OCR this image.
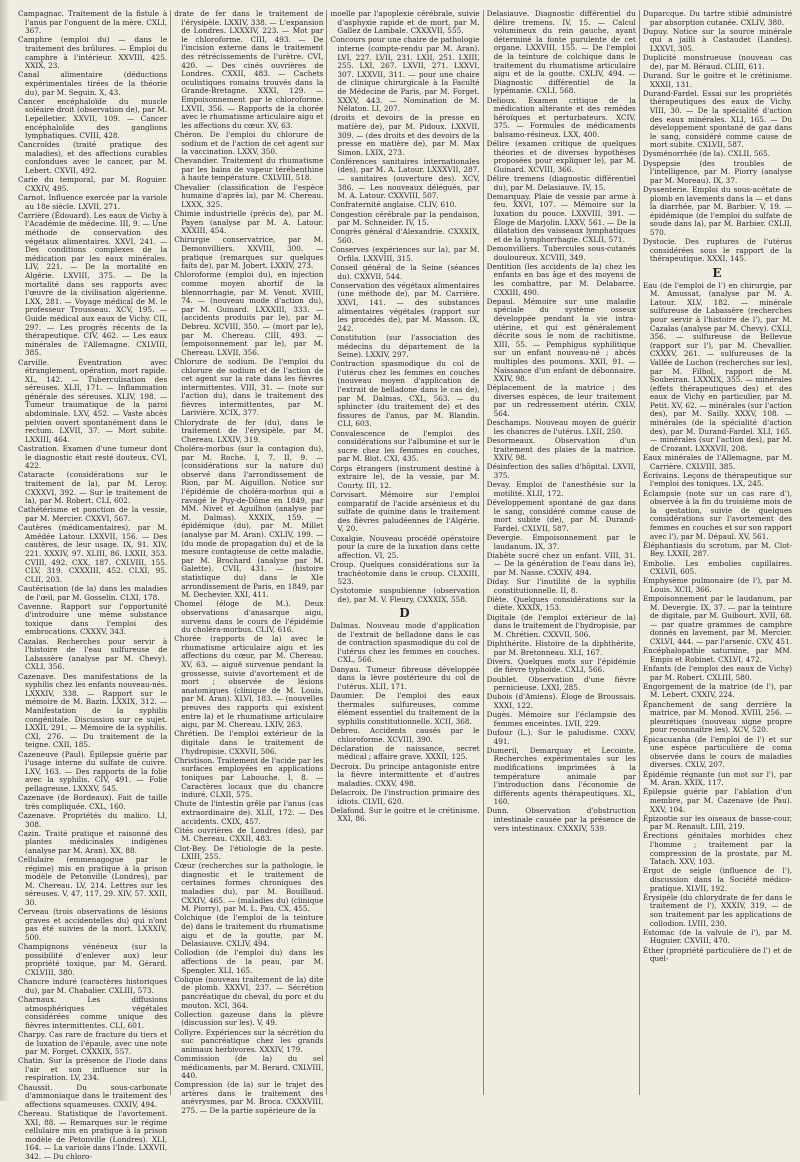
Campagnac. Traitement de la fistule à l'anus par l'onguent de la mère. CXLI, 367.

Camphre (emploi du) — dans le traitement des brûlures. — Emploi du camphre à l'intérieur. XXVIII, 425. XXIX, 23.

Canal alimentaire (déductions expérimentales tirées de la théorie du), par M. Seguin. X, 43.

Cancer encéphaloïde du muscle soléaire droit (observation de), par M. Lepelletier. XXVII, 109. — Cancer encéphaloïde des ganglions lymphatiques. CVIII, 428.

Cancroïdes (traité pratique des maladies), et des affections curables confondues avec le cancer, par M. Lebert. CXVII, 492.

Carie du temporal, par M. Roguier. CXXIV, 495.

Carnot. Influence exercée par la variole au 18e siècle. LXVII, 271.

Carrière (Édouard). Les eaux de Vichy à l'Académie de médecine. III, 9. — Une méthode de conservation des végétaux alimentaires. XXVI, 241. — Des conditions complexes de la médication par les eaux minérales. LIV, 221. — De la mortalité en Algérie. LXVIII, 375. — De la mortalité dans ses rapports avec l'œuvre de la civilisation algérienne. LXX, 281. — Voyage médical de M. le professeur Trousseau. XCV, 195. — Guide médical aux eaux de Vichy. CII, 297. — Les progrès récents de la thérapeutique. CIV, 462. — Les eaux minérales de l'Allemagne. CXLVIII, 385.

Carville. Éventration avec étranglement, opération, mort rapide. XL, 142. — Tuberculisation des séreuses. XLII, 171. — Inflammation générale des séreuses. XLIV, 198. — Tumeur traumatique de la paroi abdominale. LXV, 452. — Vaste abcès pelvien ouvert spontanément dans le rectum. LXVII, 37. — Mort subite. LXXIII, 464.

Castration. Examen d'une tumeur dont le diagnostic était resté douteux. CVI, 422.

Cataracte (considérations sur le traitement de la), par M. Leroy. CXXXVI, 392. — Sur le traitement de la), par M. Robert. CLI, 602.

Cathétérisme et ponction de la vessie, par M. Mercier. CXXVI, 567.

Cautères (médicamentaires), par M. Amédée Latour. LXXVII, 156. — Des cautères, de leur usage. IX, 91. XIV, 221. XXXIV, 97. XLIII, 86. LXXII, 353. CVIII, 492. CXX, 187. CXLVIII, 155. CLV, 319. CXXXIII, 452. CLXI, 95. CLII, 203.

Cautérisation (de la) dans les maladies de l'œil, par M. Gosselin. CLXI, 178.

Cavenne. Rapport sur l'opportunité d'introduire une même substance toxique dans l'emploi des embrocations. CXXXV, 343.

Cazalas. Recherches pour servir à l'histoire de l'eau sulfureuse de Labassère (analyse par M. Chevy). CXLI, 356.

Cazenave. Des manifestations de la syphilis chez les enfants nouveau-nés. LXXXIV, 338. — Rapport sur le mémoire de M. Bazin. LXXIX, 312. — Manifestation de la syphilis congénitale. Discussion sur ce sujet. LXXII, 291. — Mémoire de la syphilis. CXI, 276. — Du traitement de la teigne. CXII, 185.

Cazeneuve (Paul). Épilepsie guérie par l'usage interne du sulfate de cuivre. LXV, 163. — Des rapports de la folie avec la syphilis. CIV, 491. — Folie pellagreuse. LXXXV, 545.

Cazenave (de Bordeaux). Fait de taille très compliquée. CXL, 160.

Cazenave. Propriétés du malico. LI, 308.

Cazin. Traité pratique et raisonné des plantes médicinales indigènes (analyse par M. Aran). XX, 88.

Cellulaire (emmenagogue par le régime) mis en pratique à la prison modèle de Petonville (Londres), par M. Chereau. LV, 214. Lettres sur les séreuses. V, 47, 117, 29. XIV, 57. XXII, 30.

Cerveau (trois observations de lésions graves et accidentelles du) qui n'ont pas été suivies de la mort. LXXXIV, 500.

Champignons vénéneux (sur la possibilité d'enlever aux) leur propriété toxique, par M. Gérard. CXLVIII, 380.

Chancre induré (caractères historiques du), par M. Chabalier. CXLIII, 573.

Charnaux. Les diffusions atmosphériques végétales considérées comme unique des fièvres intermittentes. CLI, 601.

Charpy. Cas rare de fracture du tiers et de luxation de l'épaule, avec une note par M. Forget. CXXXIX, 557.

Chatin. Sur la présence de l'iode dans l'air et son influence sur la respiration. LV, 234.

Chaussit. Du sous-carbonate d'ammoniaque dans le traitement des affections squameuses. CXXIV, 494.

Chereau. Statistique de l'avortement. XXI, 88. — Remarques sur le régime cellulaire mis en pratique à la prison modèle de Petonville (Londres). XLI, 164. — La variole dans l'Inde. LXXVII, 342. — Du chloro-

drate de fer dans le traitement de l'érysipèle. LXXIV, 338. — L'expansion de Londres. LXXXIV, 223. — Mot par le chloroforme. CIII, 493. — De l'incision externe dans le traitement des rétrécissements de l'urètre. CVI, 420. — Des cinés ouvrières de Londres. CXXII, 483. — Cachets oculistiques romains trouvés dans la Grande-Bretagne. XXXI, 129. — Empoisonnement par le chloroforme. LXVII, 356. — Rapports de la chorée avec le rhumatisme articulaire aigu et les affections du cœur. XV, 63.

Chéron. De l'emploi du chlorure de sodium et de l'action de cet agent sur la vaccination. LXXV, 350.

Chevandier. Traitement du rhumatisme par les bains de vapeur térébenthine à haute température. CXLVIII, 518.

Chevalier (classification de l'espèce humaine d'après la), par M. Chereau. LXXX, 325.

Chimie industrielle (précis de), par M. Payen (analyse par M. A. Latour. XXXIII, 454.

Chirurgie conservatrice, par M. Demonvilliers. XXVIII, 300. — pratique (remarques sur quelques faits de), par M. Jobert. LXXIV, 273.

Chloroforme (emploi du), en injection comme moyen abortif de la blennorrhagie, par M. Venot. XVIII, 74. — (nouveau mode d'action du), par M. Guinard. LXXXIII, 333. — (accidents produits par le), par M. Debreu. XCVIII, 350. — (mort par le), par M. Chereau. CIII, 493. — (empoisonnement par le), par M. Chereau. LXVII, 356.

Chlorure de sodium. De l'emploi du chlorure de sodium et de l'action de cet agent sur la rate dans les fièvres intermittentes. VIII, 31. — (note sur l'action du), dans le traitement des fièvres intermittentes, par M. Larivière. XCIX, 377.

Chlorydrate de fer (du), dans le traitement de l'érysipèle, par M. Chereau. LXXIV, 319.

Choléra-morbus (sur la contagion du), par M. Roche. I, 7. II, 9. — (considérations sur la nature du) observé dans l'arrondissement de Rion, par M. Aiguillon. Notice sur l'épidémie de choléra-morbus qui a ravagé le Puy-de-Dôme en 1849, par MM. Nivet et Aguilhon (analyse par M. Dalmas). XXXIX, 159. — épidémique (du), par M. Millet (analyse par M. Aran). CXLIV, 199. — (du mode de propagation du) et de la mesure contagieuse de cette maladie, par M. Brochard (analyse par M. Galette). CVII, 431. — (histoire statistique du) dans le XIe arrondissement de Paris, en 1849, par M. Dechevier. XXI, 411.

Chomel (éloge de M.). Deux observations d'anasarque aigu, survenu dans le cours de l'épidémie du choléra-morbus. CLIV, 616.

Chorée (rapports de la) avec le rhumatisme articulaire aigu et les affections du cœur, par M. Chereau. XV, 63. — aiguë survenue pendant la grossesse, suivie d'avortement et de mort ; observée de lésions anatomiques (clinique de M. Louis, par M. Aran). XLVI, 183. — (nouvelles preuves des rapports qui existent entre la) et le rhumatisme articulaire aigu, par M. Chereau. LXIV, 263.

Chrétien. De l'emploi extérieur de la digitale dans le traitement de l'hydropisie. CXXVII, 506.

Christison. Traitement de l'acide par les surfaces employées en applications toniques par Labouche. I, 8. — Caractères locaux que du chancre induré. CLXII, 575.

Chute de l'intestin grêle par l'anus (cas extraordinaire de). XLII, 172. — Des accidents. CXIX, 457.

Cités ouvrières de Londres (des), par M. Chereau. CXXII, 483.

Clot-Bey. De l'étiologie de la peste. LXIII, 255.

Cœur (recherches sur la pathologie, le diagnostic et le traitement de certaines formes chroniques des maladies du), par M. Bouillaud. CXXIV, 465. — (maladies du) (clinique M. Piorry), par M. L. Pau. CX, 455.

Colchique (de l'emploi de la teinture de) dans le traitement du rhumatisme aigu et de la goutte, par M. Delasiauve. CXLIV, 494.

Collodion (de l'emploi du) dans les affections de la peau, par M. Spengler. XLI, 165.

Colique (nouveau traitement de la) dite de plomb. XXXVI, 237. — Sécrétion pancréatique du cheval, du porc et du mouton. XCI, 364.

Collection gazeuse dans la plèvre (discussion sur les). V, 49.

Collyre. Expériences sur la sécrétion du suc pancréatique chez les grands animaux herbivores. XXXIV, 179.

Commission (de la) du sel médicaments, par M. Berard. CXLVIII, 440.

Compression (de la) sur le trajet des artères dans le traitement des anévrysmes, par M. Broca. CXXXVIII, 275. — De la partie supérieure de la

moelle par l'apoplexie cérébrale, suivie d'asphyxie rapide et de mort, par M. Gallez de Lambale. CXXXVII, 555.

Concours pour une chaire de pathologie interne (compte-rendu par M. Aran). LVI, 227. LVII, 231. LXII, 251. LXIII, 255. LXI, 267. LXVII, 271. LXXVI, 307. LXXVII, 311. — pour une chaire de clinique chirurgicale à la Faculté de Médecine de Paris, par M. Forget. XXXV, 443. — Nomination de M. Nélaton. LI, 207.

(droits et devoirs de la presse en matière de), par M. Pidoux. LXXVII, 309. — (des droits et des devoirs de la presse en matière de), par M. Max Simon. LXIX, 273.

Conférences sanitaires internationales (des), par M. A. Latour. LXXXVII, 287. — sanitaires (ouverture des). XCV, 386. — Les nouveaux délégués, par M. A. Latour. CXXVIII, 507.

Confraternité anglaise. CLIV, 610.

Congestion cérébrale par la pendaison, par M. Schneider. IV, 15.

Congrès général d'Alexandrie. CXXXIX, 560.

Conserves (expériences sur la), par M. Orfila. LXXVIII, 315.

Conseil général de la Seine (séances du). CXXVII, 544.

Conservation des végétaux alimentaires (une méthode de), par M. Carrière. XXVI, 141. — des substances alimentaires végétales (rapport sur les procédés de), par M. Masson. IX, 242.

Constitution (sur l'association des médecins du département de la Seine). LXXIV, 297.

Contraction spasmodique du col de l'utérus chez les femmes en couches (nouveau moyen d'application de l'extrait de belladone dans le cas de), par M. Dalmas. CXL, 563. — du sphincter (du traitement de) et des fissures de l'anus, par M. Blandin. CLI, 603.

Convalescence de l'emploi des considérations sur l'albumine et sur le sucre chez les femmes en couches, par M. Blot. CXI, 435.

Corps étrangers (instrument destiné à extraire le), de la vessie, par M. Courty. III, 12.

Corvisart. Mémoire sur l'emploi comparatif de l'acide arsénieux et du sulfate de quinine dans le traitement des fièvres paludéennes de l'Algérie. V, 20.

Coxalgie. Nouveau procédé opératoire pour la cure de la luxation dans cette affection. VI, 25.

Croup. Quelques considérations sur la trachéotomie dans le croup. CLXXIII, 523.

Cystotomie suspubienne (observation de), par M. V. Fleury. CXXXIX, 558.

D

Dalmas. Nouveau mode d'application de l'extrait de belladone dans le cas de contraction spasmodique du col de l'utérus chez les femmes en couches. CXL, 566.

Danyau. Tumeur fibreuse développée dans la lèvre postérieure du col de l'utérus. XLII, 171.

Daumier. De l'emploi des eaux thermales sulfureuses, comme élément essentiel du traitement de la syphilis constitutionnelle. XCII, 368.

Debreu. Accidents causés par le chloroforme. XCVIII, 390.

Déclaration de naissance, secret médical ; affaire grave. XXXII, 125.

Decroix. Du principe antagoniste entre la fièvre intermittente et d'autres maladies. CXXV, 498.

Delacroix. De l'instruction primaire des idiots. CLVII, 620.

Delafond. Sur le goitre et le crétinisme. XXI, 86.

Delasiauve. Diagnostic différentiel du délire tremens. IV, 15. — Calcul volumineux du rein gauche, ayant déterminé la fonte purulente de cet organe. LXXVIII, 155. — De l'emploi de la teinture de colchique dans le traitement du rhumatisme articulaire aigu et de la goutte. CXLIV, 494. — Diagnostic différentiel de la lypémanie. CXLI, 568.

Delioux. Examen critique de la médication altérante et des remèdes héroïques et perturbateurs. XCIV, 375. — Formules de médicaments balsamo-résineux. LXX, 400.

Délire (examen critique de quelques théories et de diverses hypothèses proposées pour expliquer le), par M. Guinard. XCVIII, 366.

Délire tremens (diagnostic différentiel du), par M. Delasiauve. IV, 15.

Demarquay. Plaie de vessie par arme à feu. XXVI, 107. — Mémoire sur la luxation du pouce. LXXVIII, 391. — Éloge de Marjolin. LXXV, 561. — De la dilatation des vaisseaux lymphatiques et de la lymphorrhagie. CXLII, 571.

Demonvilliers. Tubercules sous-cutanés douloureux. XCVIII, 349.

Dentition (les accidents de la) chez les enfants en bas âge et des moyens de les combattre, par M. Delabarre. CXXIII, 490.

Depaul. Mémoire sur une maladie spéciale du système osseux développée pendant la vie intra-utérine, et qui est généralement décrite sous le nom de rachitisme. XIII, 55. — Pemphigus syphilitique sur un enfant nouveau-né ; abcès multiples des poumons. XXII, 91. — Naissance d'un enfant de débonnaire. XXIV, 98.

Déplacement de la matrice ; des diverses espèces, de leur traitement par un redressement utérin. CXLV, 564.

Deschamps. Nouveau moyen de guérir les chancres de l'utérus. LXII, 250.

Desormeaux. Observation d'un traitement des plaies de la matrice. XXIV, 98.

Désinfection des salles d'hôpital. LXVII, 375.

Devay. Emploi de l'anesthésie sur la motilité. XLII, 172.

Développement spontané de gaz dans le sang, considéré comme cause de mort subite (de), par M. Durand-Fardel. CXLVII, 587.

Devergie. Empoisonnement par le laudanum. IX, 37.

Diabète sucré chez un enfant. VIII, 31. — De la génération de l'eau dans le), par M. Nasse. CXXIV, 494.

Diday. Sur l'inutilité de la syphilis constitutionnelle. II, 8.

Diète. Quelques considérations sur la diète. XXXIX, 153.

Digitale (de l'emploi extérieur de la) dans le traitement de l'hydropisie, par M. Chrétien. CXXVII, 506.

Diphthérite. Histoire de la diphthérite, par M. Bretonneau. XLI, 167.

Divers. Quelques mots sur l'épidémie de fièvre typhoïde. CXLI, 566.

Doublet. Observation d'une fièvre pernicieuse. LXXI, 285.

Dubois (d'Amiens). Éloge de Broussais. XXXI, 122.

Dugès. Mémoire sur l'éclampsie des femmes enceintes. LVII, 229.

Dufour (L.). Sur le paludisme. CXXV, 491.

Dumeril, Demarquay et Lecointe. Recherches expérimentales sur les modifications imprimées à la température animale par l'introduction dans l'économie de différents agents thérapeutiques. XL, 160.

Dunn. Observation d'obstruction intestinale causée par la présence de vers intestinaux. CXXXIV, 539.

Duparcque. Du tartre stibié administré par absorption cutanée. CXLIV, 380.

Dupuy. Notice sur la source minérale qui a jailli à Castaudet (Landes). LXXVI, 305.

Duplicité monstrueuse (nouveau cas de), par M. Béraud. CLIII, 611.

Durand. Sur le goitre et le crétinisme. XXXII, 131.

Durand-Fardel. Essai sur les propriétés thérapeutiques des eaux de Vichy. VIII, 30. — De la spécialité d'action des eaux minérales. XLI, 165. — Du développement spontané de gaz dans le sang, considéré comme cause de mort subite. CXLVII, 587.

Dysménorrhée (de la). CXLII, 565.

Dyspepsie (des troubles de l'intelligence, par M. Piorry (analyse par M. Moreau). IX, 37.

Dyssenterie. Emploi du sous-acétate de plomb en lavements dans la — et dans la diarrhée, par M. Barbier. V, 19. — épidémique (de l'emploi du sulfate de soude dans la), par M. Barbier. CXLII, 570.

Dystocie. Des ruptures de l'utérus considérées sous le rapport de la thérapeutique. XXXI, 145.

E

Eau (de l'emploi de l') en chirurgie, par M. Amussat, (analyse par M. A. Latour. XLV, 182. — minérale sulfureuse de Labassère (recherches pour servir à l'histoire de l'), par M. Cazalas (analyse par M. Chevy). CXLI, 356. — sulfureuse de Bellevue (rapport sur l'), par M. Chevallier. CXXXV, 261. — sulfureuses de la Vallée de Luchon (recherches sur les), par M. Filhol, rapport de M. Soubeiran. LXXXIX, 355. — minérales (effets thérapeutiques des) et des eaux de Vichy en particulier, par M. Petit. XV, 62. — minérales (sur l'action des), par M. Sailly. XXXV, 108. — minérales (de la spécialité d'action des), par M. Durand-Fardel. XLI, 165. — minérales (sur l'action des), par M. de Crozant. LXXXVII, 208.

Eaux minérales de l'Allemagne, par M. Carrière. CXLVIII, 385.

Écrivains. Leçons de thérapeutique sur l'emploi des toniques. LX, 245.

Éclampsie (note sur un cas rare d'), observée à la fin du troisième mois de la gestation, suivie de quelques considérations sur l'avortement des femmes en couches et sur son rapport avec l'), par M. Dépaul. XV, 561.

Éléphantiasis du scrotum, par M. Clot-Bey. LXXII, 287.

Embolie. Les embolies capillaires. CXLVII, 605.

Emphysème pulmonaire (de l'), par M. Louis. XCII, 366.

Empoisonnement par le laudanum, par M. Devergie. IX, 37. — par la teinture de digitale, par M. Guibourt. XVII, 68. — par quatre grammes de camphre donnés en lavement, par M. Mercier. CXLVI, 444. — par l'arsenic. CXV, 451.

Encéphalopathie saturnine, par MM. Empis et Robinet. CXLVI, 472.

Enfants (de l'emploi des eaux de Vichy) par M. Robert. CXLIII, 580.

Engorgement de la matrice (de l'), par M. Lebert. CXXIV, 224.

Épanchement de sang derrière la matrice, par M. Monod. XVIII, 256. — pleurétiques (nouveau signe propre pour reconnaître les). XCV, 520.

Épicacuanha (de l'emploi de l') et sur une espèce particulière de coma observée dans le cours de maladies diverses. CXLV, 207.

Épidémie régnante (un mot sur l'), par M. Aran. XXIX, 117.

Épilepsie guérie par l'ablation d'un membre, par M. Cazenave (de Pau). XXV, 104.

Épizootie sur les oiseaux de basse-cour, par M. Renault. LIII, 219.

Érections génitales morbides chez l'homme ; traitement par la compression de la prostate, par M. Tatach. XXV, 103.

Ergot de seigle (influence de l'), discussion dans la Société médico-pratique. XLVII, 192.

Érysipèle (du chlorydrate de fer dans le traitement de l'), XXXIV, 319. — de son traitement par les applications de collodion. LVIII, 230.

Estomac (de la valvule de l'), par M. Huguier. CXVIII, 470.

Éther (propriété particulière de l') et de quel-
